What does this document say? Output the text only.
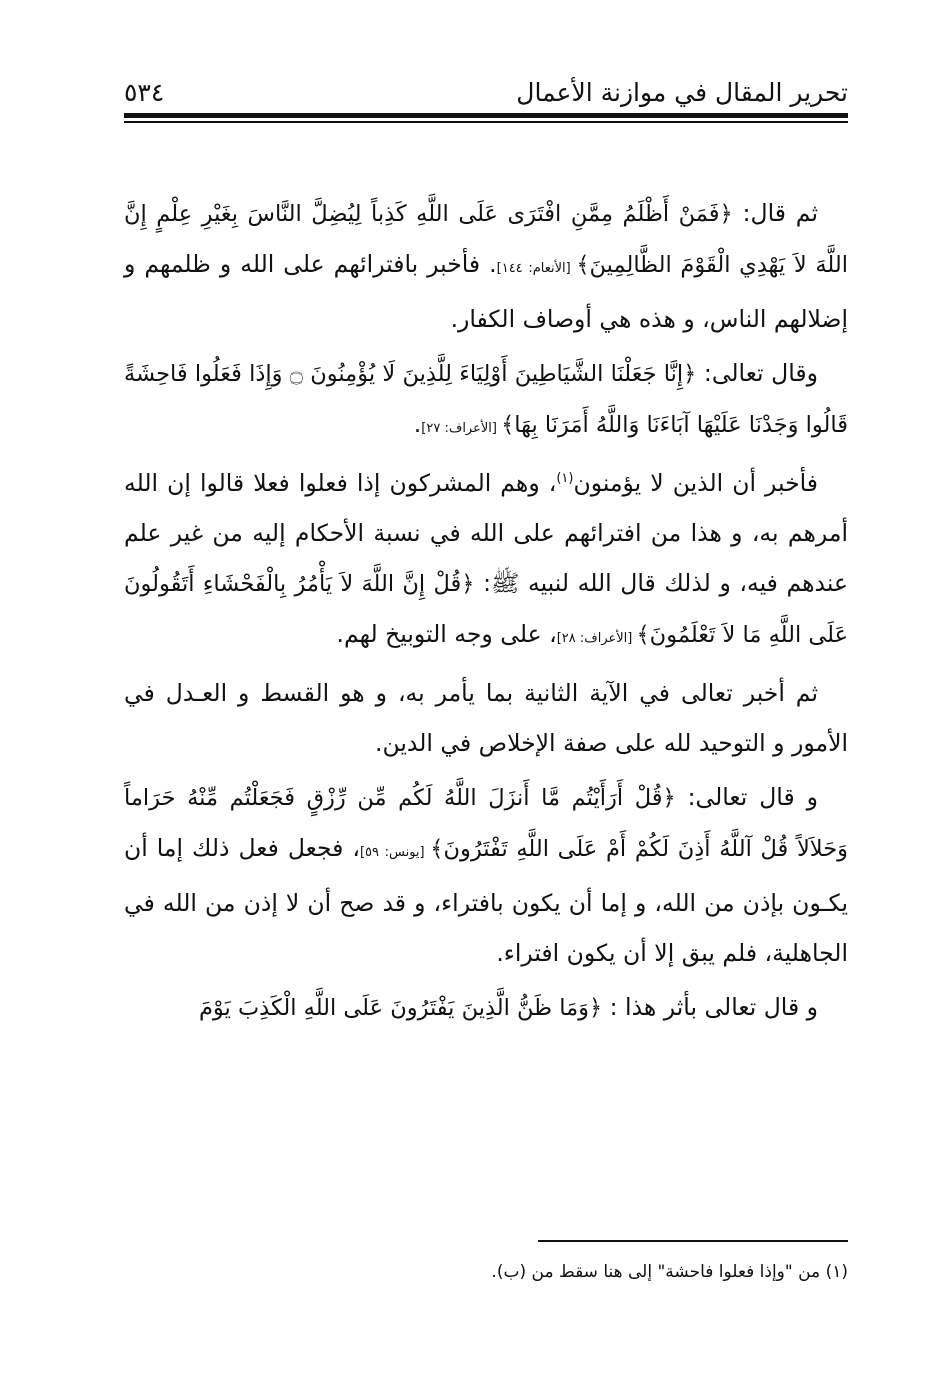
٥٣٤	تحرير المقال في موازنة الأعمال

ثم قال: ﴿فَمَنْ أَظْلَمُ مِمَّنِ افْتَرَى عَلَى اللَّهِ كَذِباً لِيُضِلَّ النَّاسَ بِغَيْرِ عِلْمٍ إِنَّ اللَّهَ لاَ يَهْدِي الْقَوْمَ الظَّالِمِينَ﴾ [الأنعام: ١٤٤]. فأخبر بافترائهم على الله و ظلمهم و إضلالهم الناس، و هذه هي أوصاف الكفار.

وقال تعالى: ﴿إِنَّا جَعَلْنَا الشَّيَاطِينَ أَوْلِيَاءَ لِلَّذِينَ لَا يُؤْمِنُونَ ۝ وَإِذَا فَعَلُوا فَاحِشَةً قَالُوا وَجَدْنَا عَلَيْهَا آبَاءَنَا وَاللَّهُ أَمَرَنَا بِهَا﴾ [الأعراف: ٢٧].

فأخبر أن الذين لا يؤمنون$^{(١)}$، وهم المشركون إذا فعلوا فعلا قالوا إن الله أمرهم به، و هذا من افترائهم على الله في نسبة الأحكام إليه من غير علم عندهم فيه، و لذلك قال الله لنبيه ﷺ: ﴿قُلْ إِنَّ اللَّهَ لاَ يَأْمُرُ بِالْفَحْشَاءِ أَتَقُولُونَ عَلَى اللَّهِ مَا لاَ تَعْلَمُونَ﴾ [الأعراف: ٢٨]، على وجه التوبيخ لهم.

ثم أخبر تعالى في الآية الثانية بما يأمر به، و هو القسط و العـدل في الأمور و التوحيد لله على صفة الإخلاص في الدين.

و قال تعالى: ﴿قُلْ أَرَأَيْتُم مَّا أَنزَلَ اللَّهُ لَكُم مِّن رِّزْقٍ فَجَعَلْتُم مِّنْهُ حَرَاماً وَحَلاَلاً قُلْ آللَّهُ أَذِنَ لَكُمْ أَمْ عَلَى اللَّهِ تَفْتَرُونَ﴾ [يونس: ٥٩]، فجعل فعل ذلك إما أن يكـون بإذن من الله، و إما أن يكون بافتراء، و قد صح أن لا إذن من الله في الجاهلية، فلم يبق إلا أن يكون افتراء.

و قال تعالى بأثر هذا : ﴿وَمَا ظَنُّ الَّذِينَ يَفْتَرُونَ عَلَى اللَّهِ الْكَذِبَ يَوْمَ

(١) من "وإذا فعلوا فاحشة" إلى هنا سقط من (ب).
